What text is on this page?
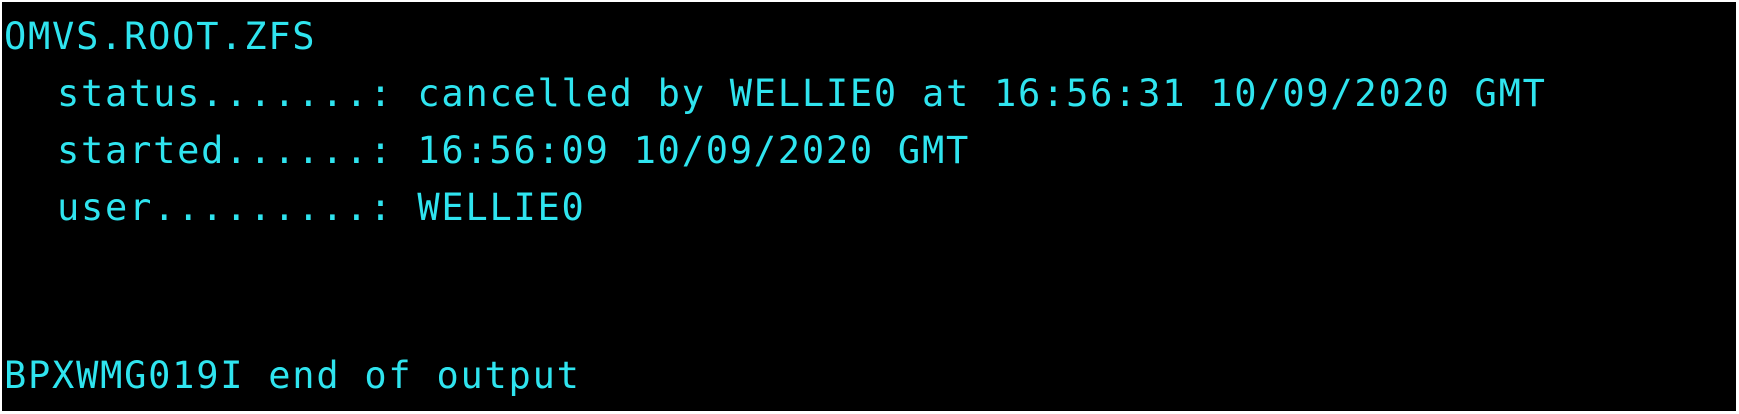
OMVS.ROOT.ZFS
status.......: cancelled by WELLIE0 at 16:56:31 10/09/2020 GMT
started......: 16:56:09 10/09/2020 GMT
user.........: WELLIE0
BPXWMG019I end of output
